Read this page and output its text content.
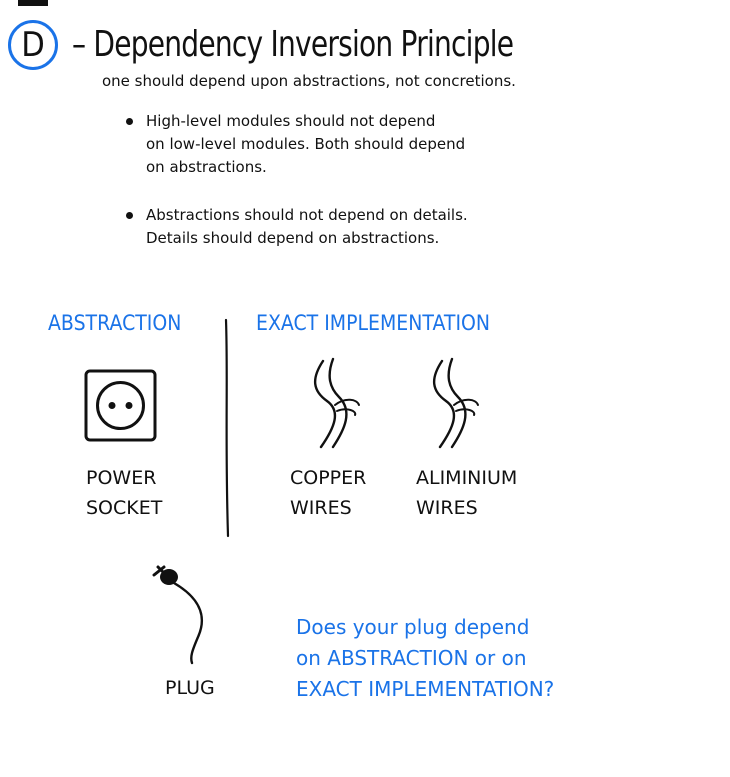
D – Dependency Inversion Principle
one should depend upon abstractions, not concretions.
High-level modules should not depend
on low-level modules. Both should depend
on abstractions.
Abstractions should not depend on details.
Details should depend on abstractions.
ABSTRACTION	EXACT IMPLEMENTATION
POWER
SOCKET
COPPER
WIRES
ALIMINIUM
WIRES
PLUG
Does your plug depend
on ABSTRACTION or on
EXACT IMPLEMENTATION?
